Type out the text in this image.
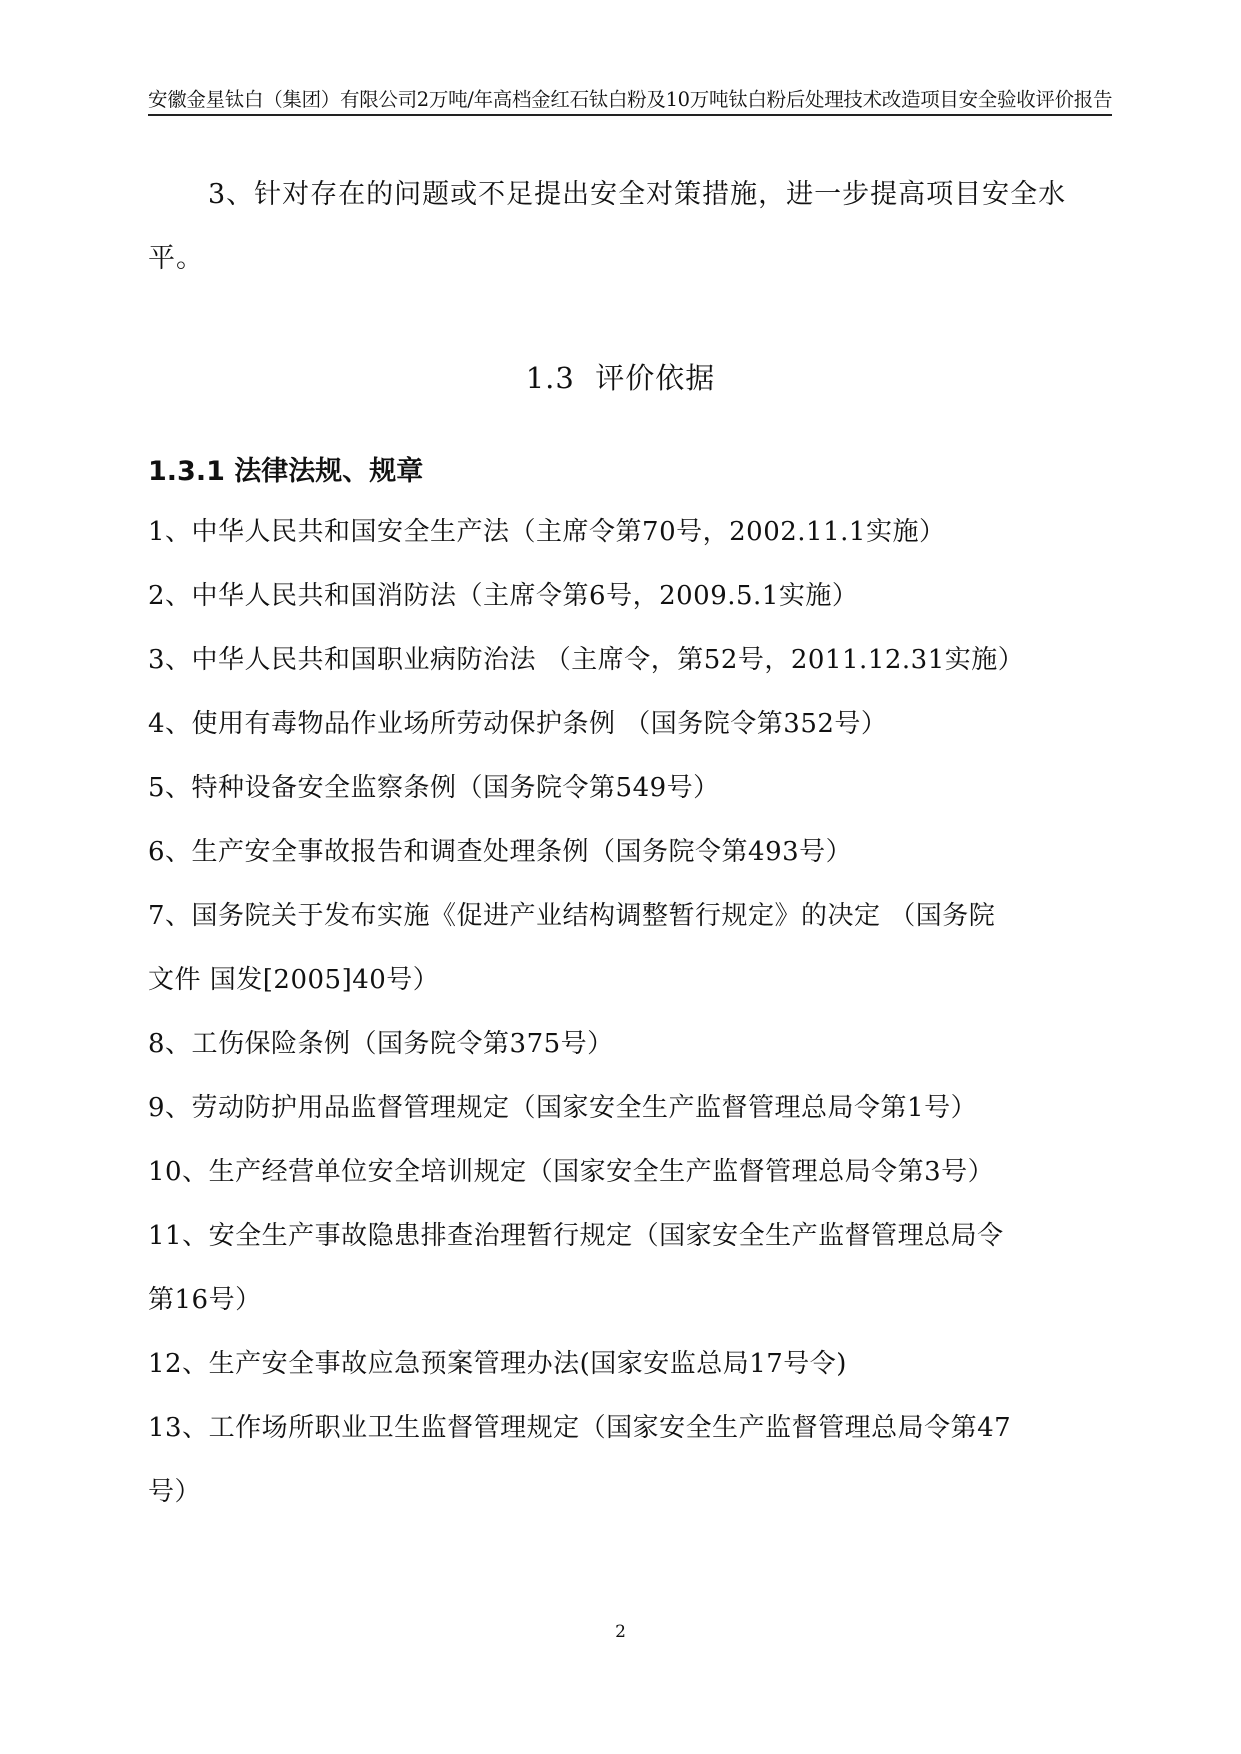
安徽金星钛白（集团）有限公司2万吨/年高档金红石钛白粉及10万吨钛白粉后处理技术改造项目安全验收评价报告
3、针对存在的问题或不足提出安全对策措施，进一步提高项目安全水
平。
1.3  评价依据
1.3.1 法律法规、规章
1、中华人民共和国安全生产法（主席令第70号，2002.11.1实施）
2、中华人民共和国消防法（主席令第6号，2009.5.1实施）
3、中华人民共和国职业病防治法 （主席令，第52号，2011.12.31实施）
4、使用有毒物品作业场所劳动保护条例 （国务院令第352号）
5、特种设备安全监察条例（国务院令第549号）
6、生产安全事故报告和调查处理条例（国务院令第493号）
7、国务院关于发布实施《促进产业结构调整暂行规定》的决定 （国务院
文件 国发[2005]40号）
8、工伤保险条例（国务院令第375号）
9、劳动防护用品监督管理规定（国家安全生产监督管理总局令第1号）
10、生产经营单位安全培训规定（国家安全生产监督管理总局令第3号）
11、安全生产事故隐患排查治理暂行规定（国家安全生产监督管理总局令
第16号）
12、生产安全事故应急预案管理办法(国家安监总局17号令)
13、工作场所职业卫生监督管理规定（国家安全生产监督管理总局令第47
号）
2
